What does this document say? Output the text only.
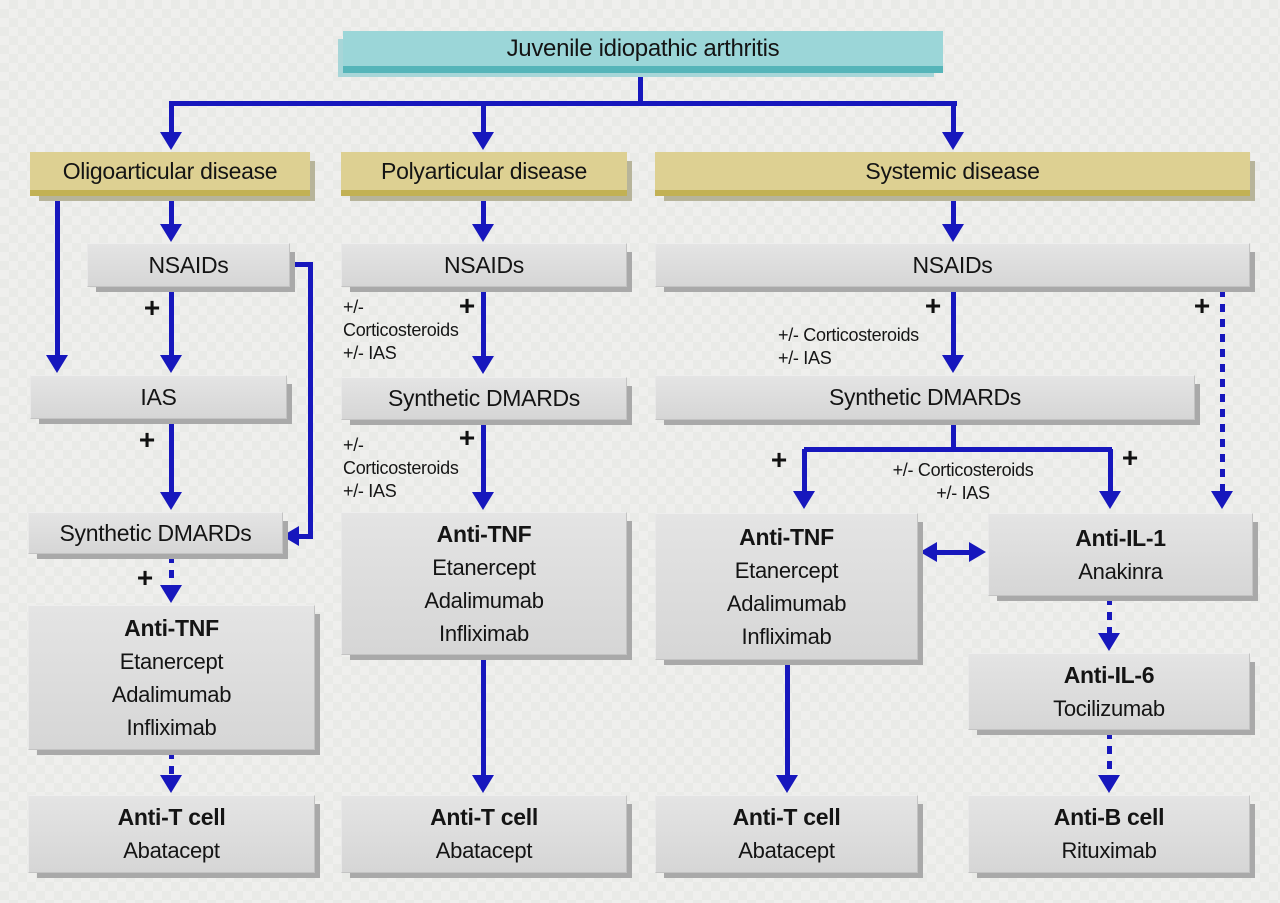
Juvenile idiopathic arthritis
Oligoarticular disease	Polyarticular disease	Systemic disease
NSAIDs
IAS
Synthetic DMARDs
Anti-TNF
Etanercept
Adalimumab
Infliximab
Anti-T cell
Abatacept
NSAIDs
Synthetic DMARDs
Anti-TNF
Etanercept
Adalimumab
Infliximab
Anti-T cell
Abatacept
NSAIDs
Synthetic DMARDs
Anti-TNF
Etanercept
Adalimumab
Infliximab
Anti-IL-1
Anakinra
Anti-T cell
Abatacept
Anti-IL-6
Tocilizumab
Anti-B cell
Rituximab
+
+
+
+
+
+	+
+	+
+/-
Corticosteroids
+/- IAS
+/-
Corticosteroids
+/- IAS
+/- Corticosteroids
+/- IAS
+/- Corticosteroids
+/- IAS
